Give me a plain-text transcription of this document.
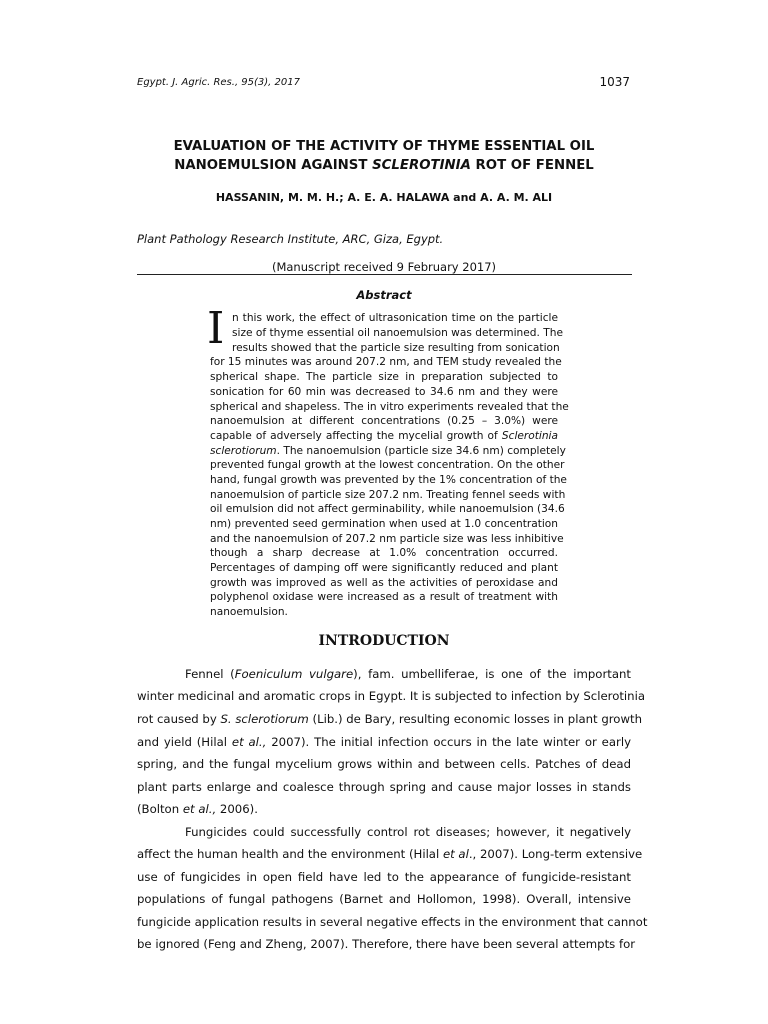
Egypt. J. Agric. Res., 95(3), 2017	1037
EVALUATION OF THE ACTIVITY OF THYME ESSENTIAL OIL
NANOEMULSION AGAINST SCLEROTINIA ROT OF FENNEL
HASSANIN, M. M. H.; A. E. A. HALAWA and A. A. M. ALI
Plant Pathology Research Institute, ARC, Giza, Egypt.
(Manuscript received 9 February 2017)
Abstract
I n this work, the effect of ultrasonication time on the particle
size of thyme essential oil nanoemulsion was determined. The
results showed that the particle size resulting from sonication
for 15 minutes was around 207.2 nm, and TEM study revealed the
spherical shape. The particle size in preparation subjected to
sonication for 60 min was decreased to 34.6 nm and they were
spherical and shapeless. The in vitro experiments revealed that the
nanoemulsion at different concentrations (0.25 – 3.0%) were
capable of adversely affecting the mycelial growth of Sclerotinia
sclerotiorum. The nanoemulsion (particle size 34.6 nm) completely
prevented fungal growth at the lowest concentration. On the other
hand, fungal growth was prevented by the 1% concentration of the
nanoemulsion of particle size 207.2 nm. Treating fennel seeds with
oil emulsion did not affect germinability, while nanoemulsion (34.6
nm) prevented seed germination when used at 1.0 concentration
and the nanoemulsion of 207.2 nm particle size was less inhibitive
though a sharp decrease at 1.0% concentration occurred.
Percentages of damping off were significantly reduced and plant
growth was improved as well as the activities of peroxidase and
polyphenol oxidase were increased as a result of treatment with
nanoemulsion.
INTRODUCTION
Fennel (Foeniculum vulgare), fam. umbelliferae, is one of the important
winter medicinal and aromatic crops in Egypt. It is subjected to infection by Sclerotinia
rot caused by S. sclerotiorum (Lib.) de Bary, resulting economic losses in plant growth
and yield (Hilal et al., 2007). The initial infection occurs in the late winter or early
spring, and the fungal mycelium grows within and between cells. Patches of dead
plant parts enlarge and coalesce through spring and cause major losses in stands
(Bolton et al., 2006).
Fungicides could successfully control rot diseases; however, it negatively
affect the human health and the environment (Hilal et al., 2007). Long-term extensive
use of fungicides in open field have led to the appearance of fungicide-resistant
populations of fungal pathogens (Barnet and Hollomon, 1998). Overall, intensive
fungicide application results in several negative effects in the environment that cannot
be ignored (Feng and Zheng, 2007). Therefore, there have been several attempts for
